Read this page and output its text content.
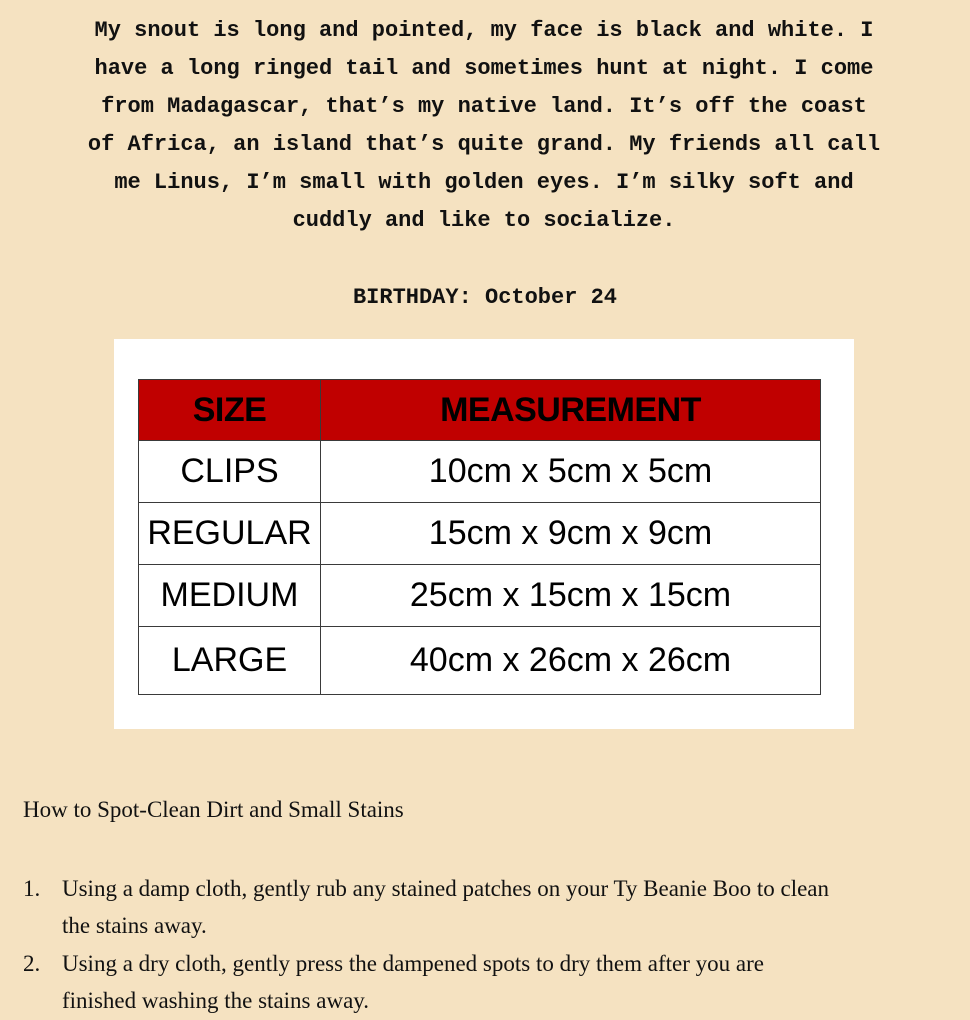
My snout is long and pointed, my face is black and white. I
have a long ringed tail and sometimes hunt at night. I come
from Madagascar, that’s my native land. It’s off the coast
of Africa, an island that’s quite grand. My friends all call
me Linus, I’m small with golden eyes. I’m silky soft and
cuddly and like to socialize.

BIRTHDAY: October 24

SIZE	MEASUREMENT
CLIPS	10cm x 5cm x 5cm
REGULAR	15cm x 9cm x 9cm
MEDIUM	25cm x 15cm x 15cm
LARGE	40cm x 26cm x 26cm
How to Spot-Clean Dirt and Small Stains
1. Using a damp cloth, gently rub any stained patches on your Ty Beanie Boo to clean the stains away.
2. Using a dry cloth, gently press the dampened spots to dry them after you are finished washing the stains away.
